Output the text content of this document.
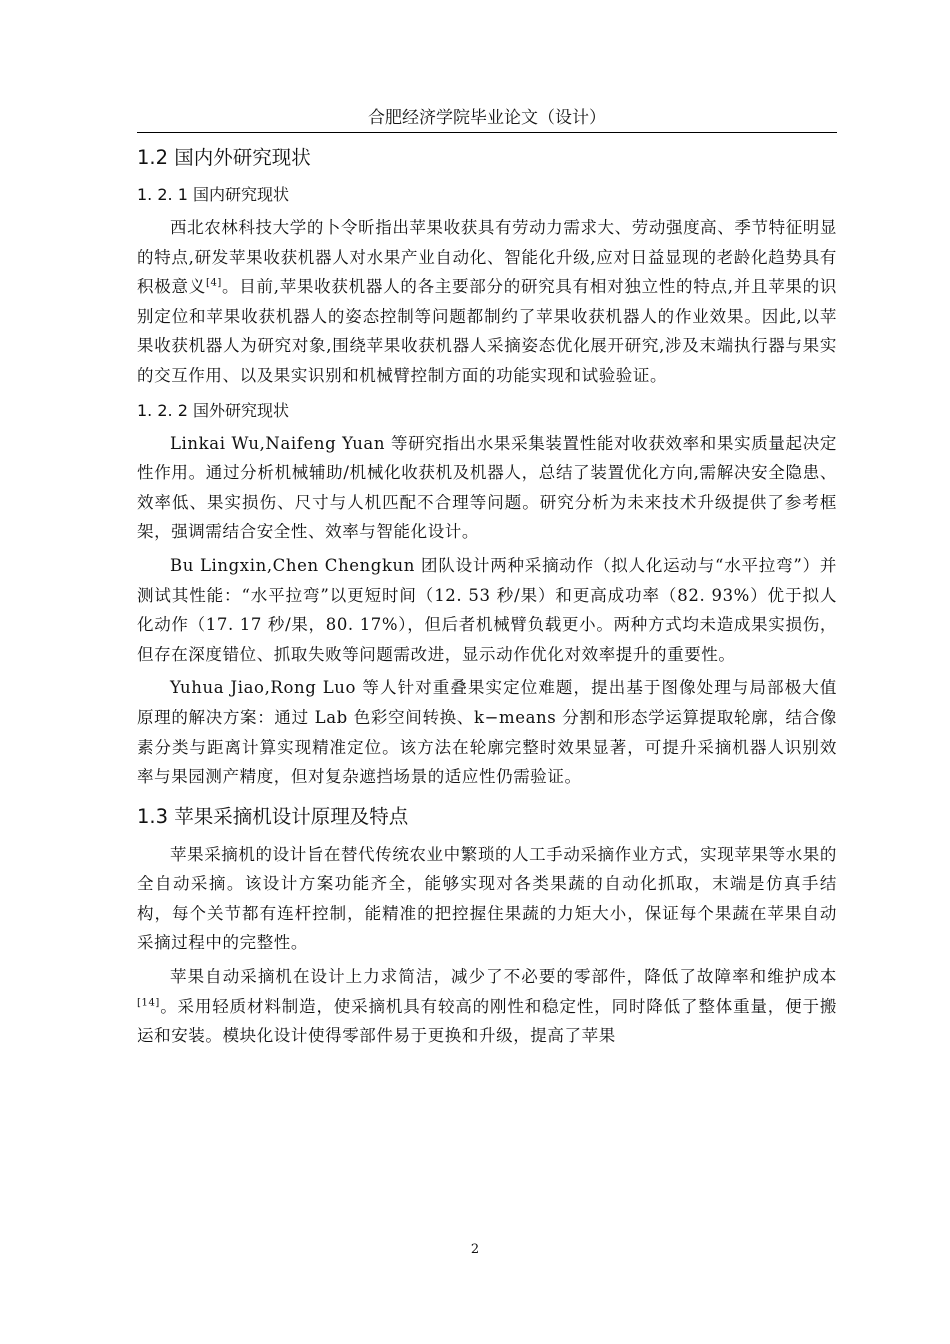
合肥经济学院毕业论文（设计）
1.2 国内外研究现状
1. 2. 1 国内研究现状

西北农林科技大学的卜令昕指出苹果收获具有劳动力需求大、劳动强度高、季节特征明显的特点,研发苹果收获机器人对水果产业自动化、智能化升级,应对日益显现的老龄化趋势具有积极意义[4]。目前,苹果收获机器人的各主要部分的研究具有相对独立性的特点,并且苹果的识别定位和苹果收获机器人的姿态控制等问题都制约了苹果收获机器人的作业效果。因此,以苹果收获机器人为研究对象,围绕苹果收获机器人采摘姿态优化展开研究,涉及末端执行器与果实的交互作用、以及果实识别和机械臂控制方面的功能实现和试验验证。

1. 2. 2 国外研究现状

Linkai Wu,Naifeng Yuan 等研究指出水果采集装置性能对收获效率和果实质量起决定性作用。通过分析机械辅助/机械化收获机及机器人，总结了装置优化方向,需解决安全隐患、效率低、果实损伤、尺寸与人机匹配不合理等问题。研究分析为未来技术升级提供了参考框架，强调需结合安全性、效率与智能化设计。

Bu Lingxin,Chen Chengkun 团队设计两种采摘动作（拟人化运动与“水平拉弯”）并测试其性能：“水平拉弯”以更短时间（12. 53 秒/果）和更高成功率（82. 93%）优于拟人化动作（17. 17 秒/果，80. 17%），但后者机械臂负载更小。两种方式均未造成果实损伤，但存在深度错位、抓取失败等问题需改进，显示动作优化对效率提升的重要性。

Yuhua Jiao,Rong Luo 等人针对重叠果实定位难题，提出基于图像处理与局部极大值原理的解决方案：通过 Lab 色彩空间转换、k−means 分割和形态学运算提取轮廓，结合像素分类与距离计算实现精准定位。该方法在轮廓完整时效果显著，可提升采摘机器人识别效率与果园测产精度，但对复杂遮挡场景的适应性仍需验证。

1.3 苹果采摘机设计原理及特点

苹果采摘机的设计旨在替代传统农业中繁琐的人工手动采摘作业方式，实现苹果等水果的全自动采摘。该设计方案功能齐全，能够实现对各类果蔬的自动化抓取，末端是仿真手结构，每个关节都有连杆控制，能精准的把控握住果蔬的力矩大小，保证每个果蔬在苹果自动采摘过程中的完整性。

苹果自动采摘机在设计上力求简洁，减少了不必要的零部件，降低了故障率和维护成本[14]。采用轻质材料制造，使采摘机具有较高的刚性和稳定性，同时降低了整体重量，便于搬运和安装。模块化设计使得零部件易于更换和升级，提高了苹果

2
